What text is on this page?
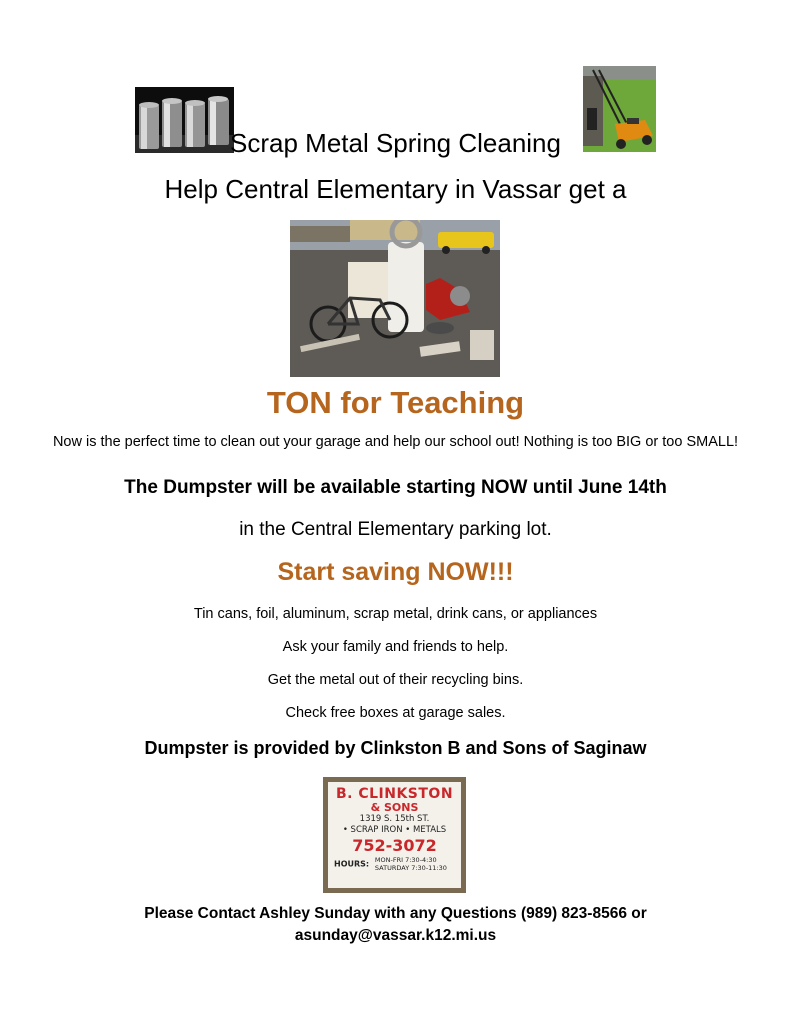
Scrap Metal Spring Cleaning
Help Central Elementary in Vassar get a
TON for Teaching
Now is the perfect time to clean out your garage and help our school out! Nothing is too BIG or too SMALL!
The Dumpster will be available starting NOW until June 14th
in the Central Elementary parking lot.
Start saving NOW!!!
Tin cans, foil, aluminum, scrap metal, drink cans, or appliances
Ask your family and friends to help.
Get the metal out of their recycling bins.
Check free boxes at garage sales.
Dumpster is provided by Clinkston B and Sons of Saginaw
B. CLINKSTON
& SONS
1319 S. 15th ST.
• SCRAP IRON • METALS
752-3072
HOURS: MON-FRI 7:30-4:30
SATURDAY 7:30-11:30
Please Contact Ashley Sunday with any Questions (989) 823-8566 or
asunday@vassar.k12.mi.us
